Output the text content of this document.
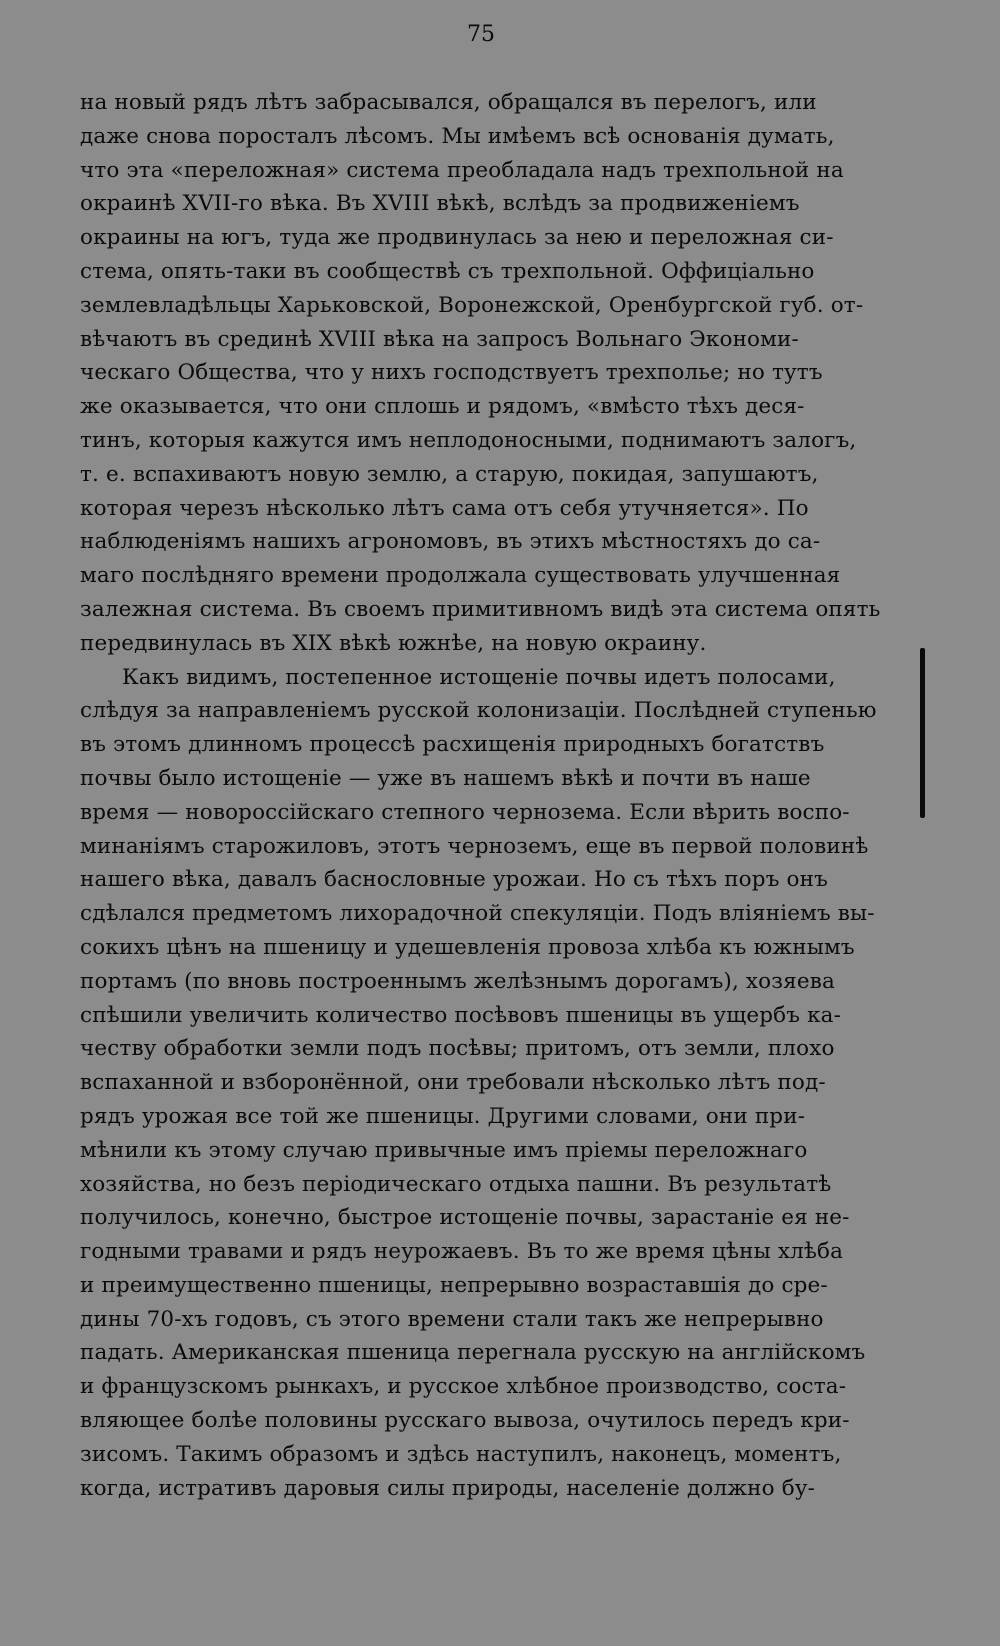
75
на новый рядъ лѣтъ забрасывался, обращался въ перелогъ, или
даже снова поросталъ лѣсомъ. Мы имѣемъ всѣ основанія думать,
что эта «переложная» система преобладала надъ трехпольной на
окраинѣ XVII-го вѣка. Въ XVIII вѣкѣ, вслѣдъ за продвиженіемъ
окраины на югъ, туда же продвинулась за нею и переложная си-
стема, опять-таки въ сообществѣ съ трехпольной. Оффиціально
землевладѣльцы Харьковской, Воронежской, Оренбургской губ. от-
вѣчаютъ въ срединѣ XVIII вѣка на запросъ Вольнаго Экономи-
ческаго Общества, что у нихъ господствуетъ трехполье; но тутъ
же оказывается, что они сплошь и рядомъ, «вмѣсто тѣхъ деся-
тинъ, которыя кажутся имъ неплодоносными, поднимаютъ залогъ,
т. е. вспахиваютъ новую землю, а старую, покидая, запушаютъ,
которая черезъ нѣсколько лѣтъ сама отъ себя утучняется». По
наблюденіямъ нашихъ агрономовъ, въ этихъ мѣстностяхъ до са-
маго послѣдняго времени продолжала существовать улучшенная
залежная система. Въ своемъ примитивномъ видѣ эта система опять
передвинулась въ XIX вѣкѣ южнѣе, на новую окраину.
Какъ видимъ, постепенное истощеніе почвы идетъ полосами,
слѣдуя за направленіемъ русской колонизаціи. Послѣдней ступенью
въ этомъ длинномъ процессѣ расхищенія природныхъ богатствъ
почвы было истощеніе — уже въ нашемъ вѣкѣ и почти въ наше
время — новороссійскаго степного чернозема. Если вѣрить воспо-
минаніямъ старожиловъ, этотъ черноземъ, еще въ первой половинѣ
нашего вѣка, давалъ баснословные урожаи. Но съ тѣхъ поръ онъ
сдѣлался предметомъ лихорадочной спекуляціи. Подъ вліяніемъ вы-
сокихъ цѣнъ на пшеницу и удешевленія провоза хлѣба къ южнымъ
портамъ (по вновь построеннымъ желѣзнымъ дорогамъ), хозяева
спѣшили увеличить количество посѣвовъ пшеницы въ ущербъ ка-
честву обработки земли подъ посѣвы; притомъ, отъ земли, плохо
вспаханной и взборонённой, они требовали нѣсколько лѣтъ под-
рядъ урожая все той же пшеницы. Другими словами, они при-
мѣнили къ этому случаю привычные имъ пріемы переложнаго
хозяйства, но безъ періодическаго отдыха пашни. Въ результатѣ
получилось, конечно, быстрое истощеніе почвы, зарастаніе ея не-
годными травами и рядъ неурожаевъ. Въ то же время цѣны хлѣба
и преимущественно пшеницы, непрерывно возраставшія до сре-
дины 70-хъ годовъ, съ этого времени стали такъ же непрерывно
падать. Американская пшеница перегнала русскую на англійскомъ
и французскомъ рынкахъ, и русское хлѣбное производство, соста-
вляющее болѣе половины русскаго вывоза, очутилось передъ кри-
зисомъ. Такимъ образомъ и здѣсь наступилъ, наконецъ, моментъ,
когда, истративъ даровыя силы природы, населеніе должно бу-
